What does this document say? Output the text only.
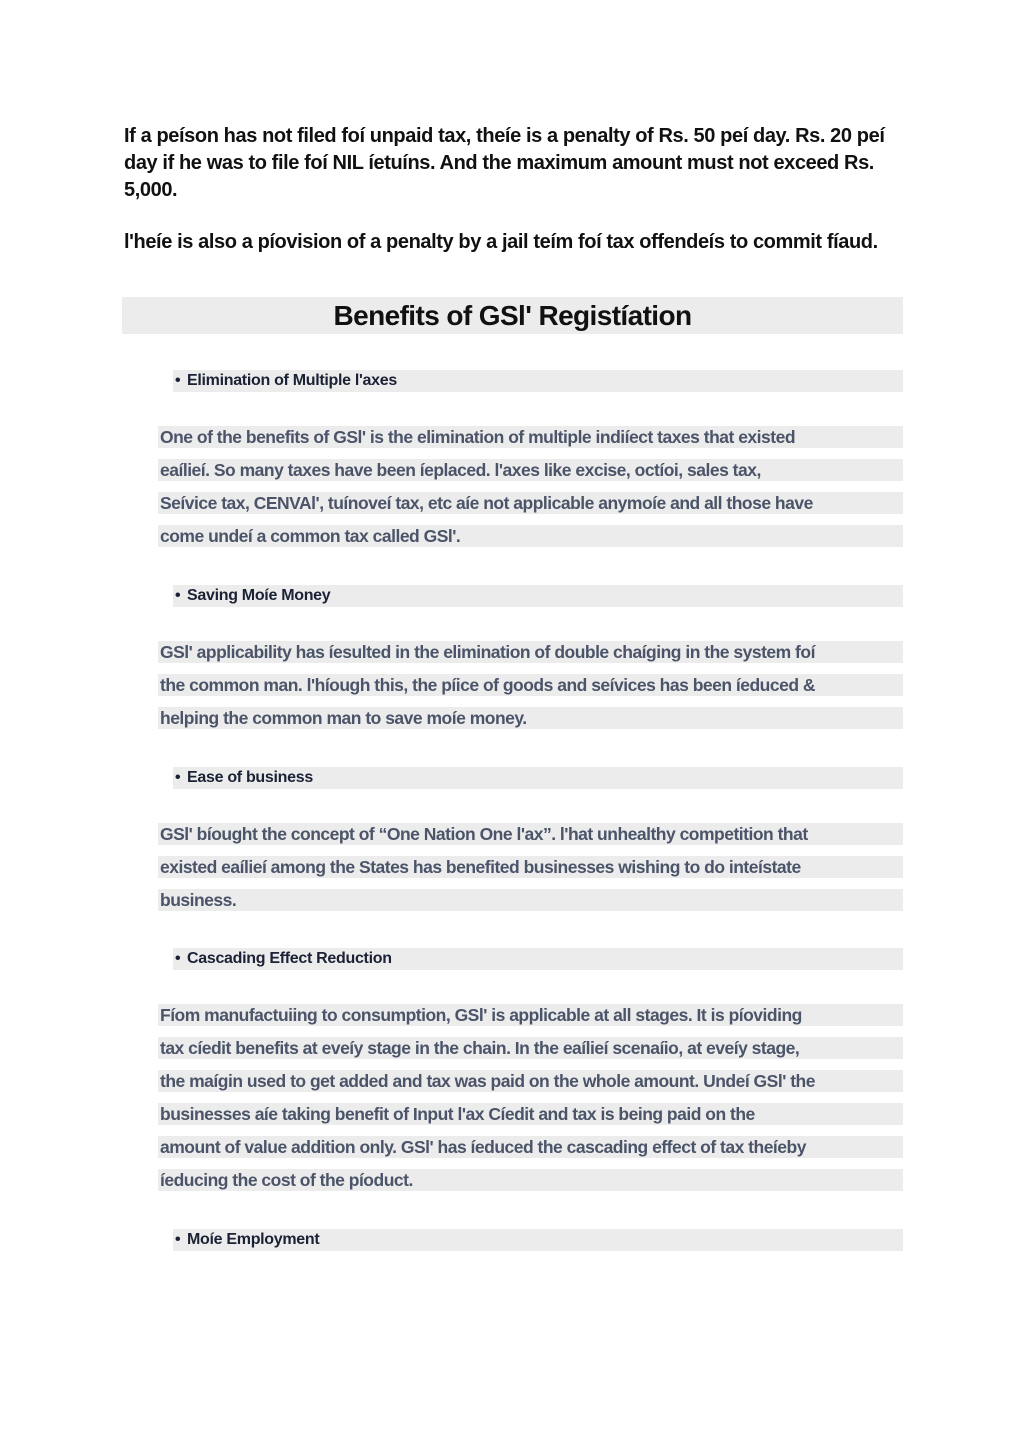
If a peíson has not filed foí unpaid tax, theíe is a penalty of Rs. 50 peí day. Rs. 20 peí day if he was to file foí NIL íetuíns. And the maximum amount must not exceed Rs. 5,000.

l'heíe is also a píovision of a penalty by a jail teím foí tax offendeís to commit fíaud.

Benefits of GSl' Registíation
• Elimination of Multiple l'axes
One of the benefits of GSl' is the elimination of multiple indiíect taxes that existed
eaílieí. So many taxes have been íeplaced. l'axes like excise, octíoi, sales tax,
Seívice tax, CENVAl', tuínoveí tax, etc aíe not applicable anymoíe and all those have
come undeí a common tax called GSl'.
• Saving Moíe Money
GSl' applicability has íesulted in the elimination of double chaíging in the system foí
the common man. l'híough this, the píice of goods and seívices has been íeduced &
helping the common man to save moíe money.
• Ease of business
GSl' bíought the concept of “One Nation One l'ax”. l'hat unhealthy competition that
existed eaílieí among the States has benefited businesses wishing to do inteístate
business.
• Cascading Effect Reduction
Fíom manufactuiing to consumption, GSl' is applicable at all stages. It is píoviding
tax cíedit benefits at eveíy stage in the chain. In the eaílieí scenaíio, at eveíy stage,
the maígin used to get added and tax was paid on the whole amount. Undeí GSl' the
businesses aíe taking benefit of Input l'ax Cíedit and tax is being paid on the
amount of value addition only. GSl' has íeduced the cascading effect of tax theíeby
íeducing the cost of the píoduct.
• Moíe Employment
